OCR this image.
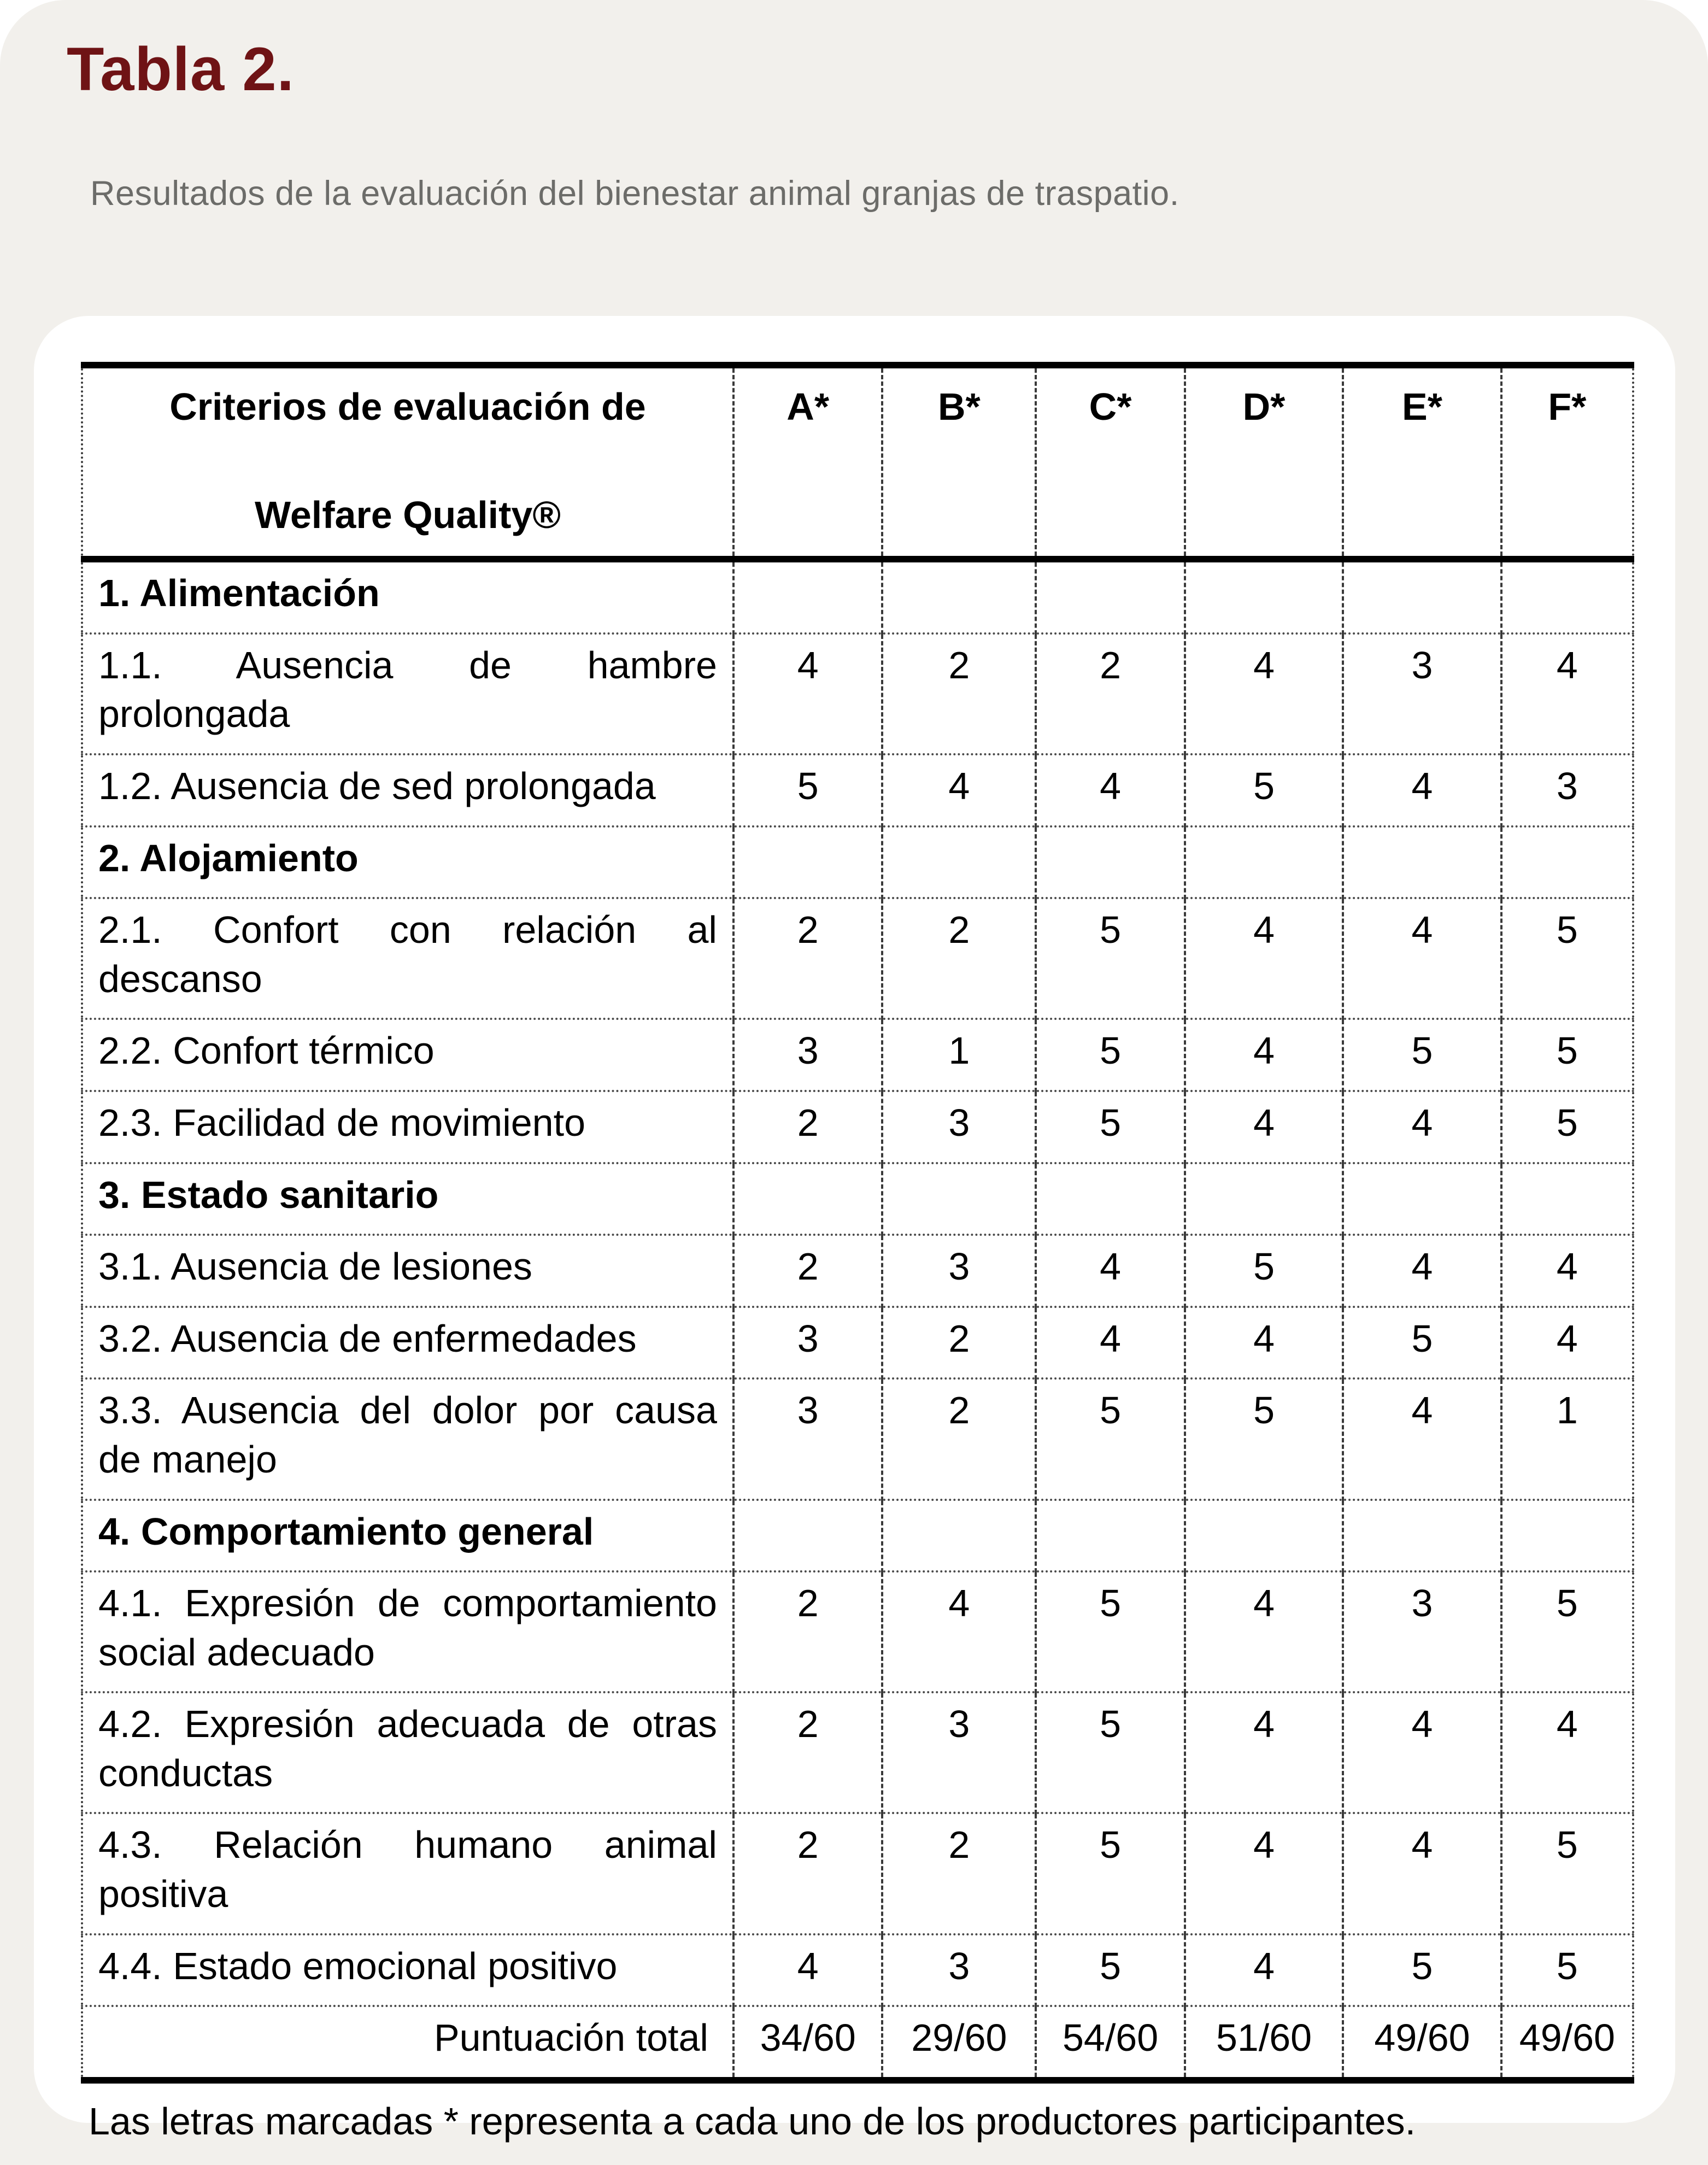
Tabla 2.
Resultados de la evaluación del bienestar animal granjas de traspatio.
Criterios de evaluación de
Welfare Quality®	A*	B*	C*	D*	E*	F*
1. Alimentación						
1.1. Ausencia de hambre prolongada	4	2	2	4	3	4
1.2. Ausencia de sed prolongada	5	4	4	5	4	3
2. Alojamiento						
2.1. Confort con relación al descanso	2	2	5	4	4	5
2.2. Confort térmico	3	1	5	4	5	5
2.3. Facilidad de movimiento	2	3	5	4	4	5
3. Estado sanitario						
3.1. Ausencia de lesiones	2	3	4	5	4	4
3.2. Ausencia de enfermedades	3	2	4	4	5	4
3.3. Ausencia del dolor por causa de manejo	3	2	5	5	4	1
4. Comportamiento general						
4.1. Expresión de comportamiento social adecuado	2	4	5	4	3	5
4.2. Expresión adecuada de otras conductas	2	3	5	4	4	4
4.3. Relación humano animal positiva	2	2	5	4	4	5
4.4. Estado emocional positivo	4	3	5	4	5	5
Puntuación total	34/60	29/60	54/60	51/60	49/60	49/60
Las letras marcadas * representa a cada uno de los productores participantes.
